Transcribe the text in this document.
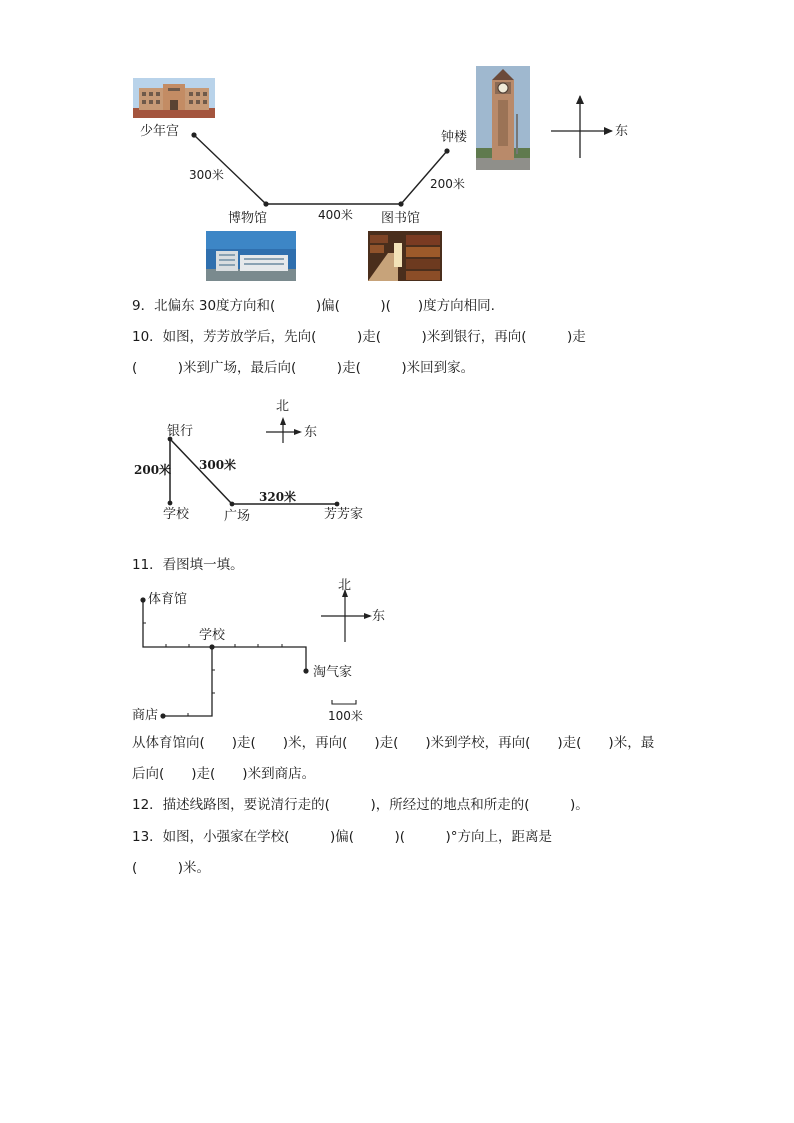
少年宫	钟楼
博物馆	图书馆
东
300米
400米
200米
9．北偏东 30度方向和(　　　)偏(　　　)(　　)度方向相同.
10．如图，芳芳放学后，先向(　　　)走(　　　)米到银行，再向(　　　)走
(　　　)米到广场，最后向(　　　)走(　　　)米回到家。
北
东
银行
学校	广场	芳芳家
200米 300米
320米
11．看图填一填。
体育馆
学校
淘气家
商店
北
东
100米
从体育馆向(　　)走(　　)米，再向(　　)走(　　)米到学校，再向(　　)走(　　)米，最
后向(　　)走(　　)米到商店。
12．描述线路图，要说清行走的(　　　)，所经过的地点和所走的(　　　)。
13．如图，小强家在学校(　　　)偏(　　　)(　　　)°方向上，距离是
(　　　)米。
